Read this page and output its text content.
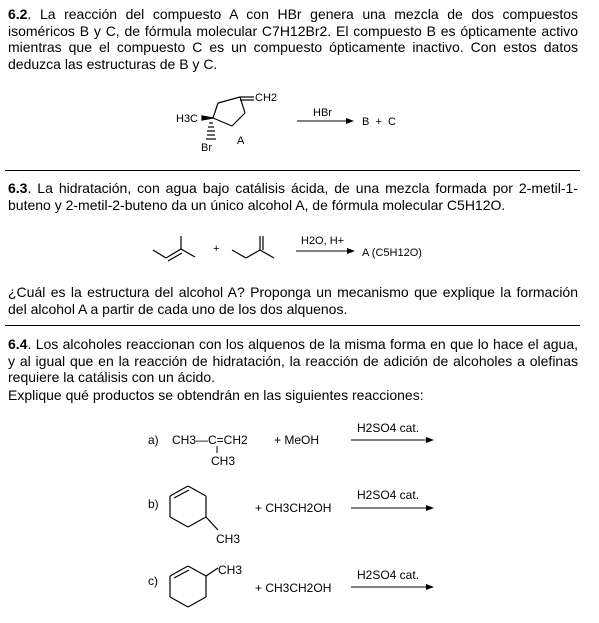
6.2. La reacción del compuesto A con HBr genera una mezcla de dos compuestos isoméricos B y C, de fórmula molecular C7H12Br2. El compuesto B es ópticamente activo mientras que el compuesto C es un compuesto ópticamente inactivo. Con estos datos deduzca las estructuras de B y C.

CH2
H3C
Br
A
HBr
B  +  C

6.3. La hidratación, con agua bajo catálisis ácida, de una mezcla formada por 2-metil-1-buteno y 2-metil-2-buteno da un único alcohol A, de fórmula molecular C5H12O.

+
H2O, H+
A (C5H12O)

¿Cuál es la estructura del alcohol A? Proponga un mecanismo que explique la formación del alcohol A a partir de cada uno de los dos alquenos.

6.4. Los alcoholes reaccionan con los alquenos de la misma forma en que lo hace el agua, y al igual que en la reacción de hidratación, la reacción de adición de alcoholes a olefinas requiere la catálisis con un ácido.

Explique qué productos se obtendrán en las siguientes reacciones:

a) CH3—C=CH2
CH3
+ MeOH
H2SO4 cat.
b)
CH3
+ CH3CH2OH
H2SO4 cat.
c)
CH3
+ CH3CH2OH
H2SO4 cat.
